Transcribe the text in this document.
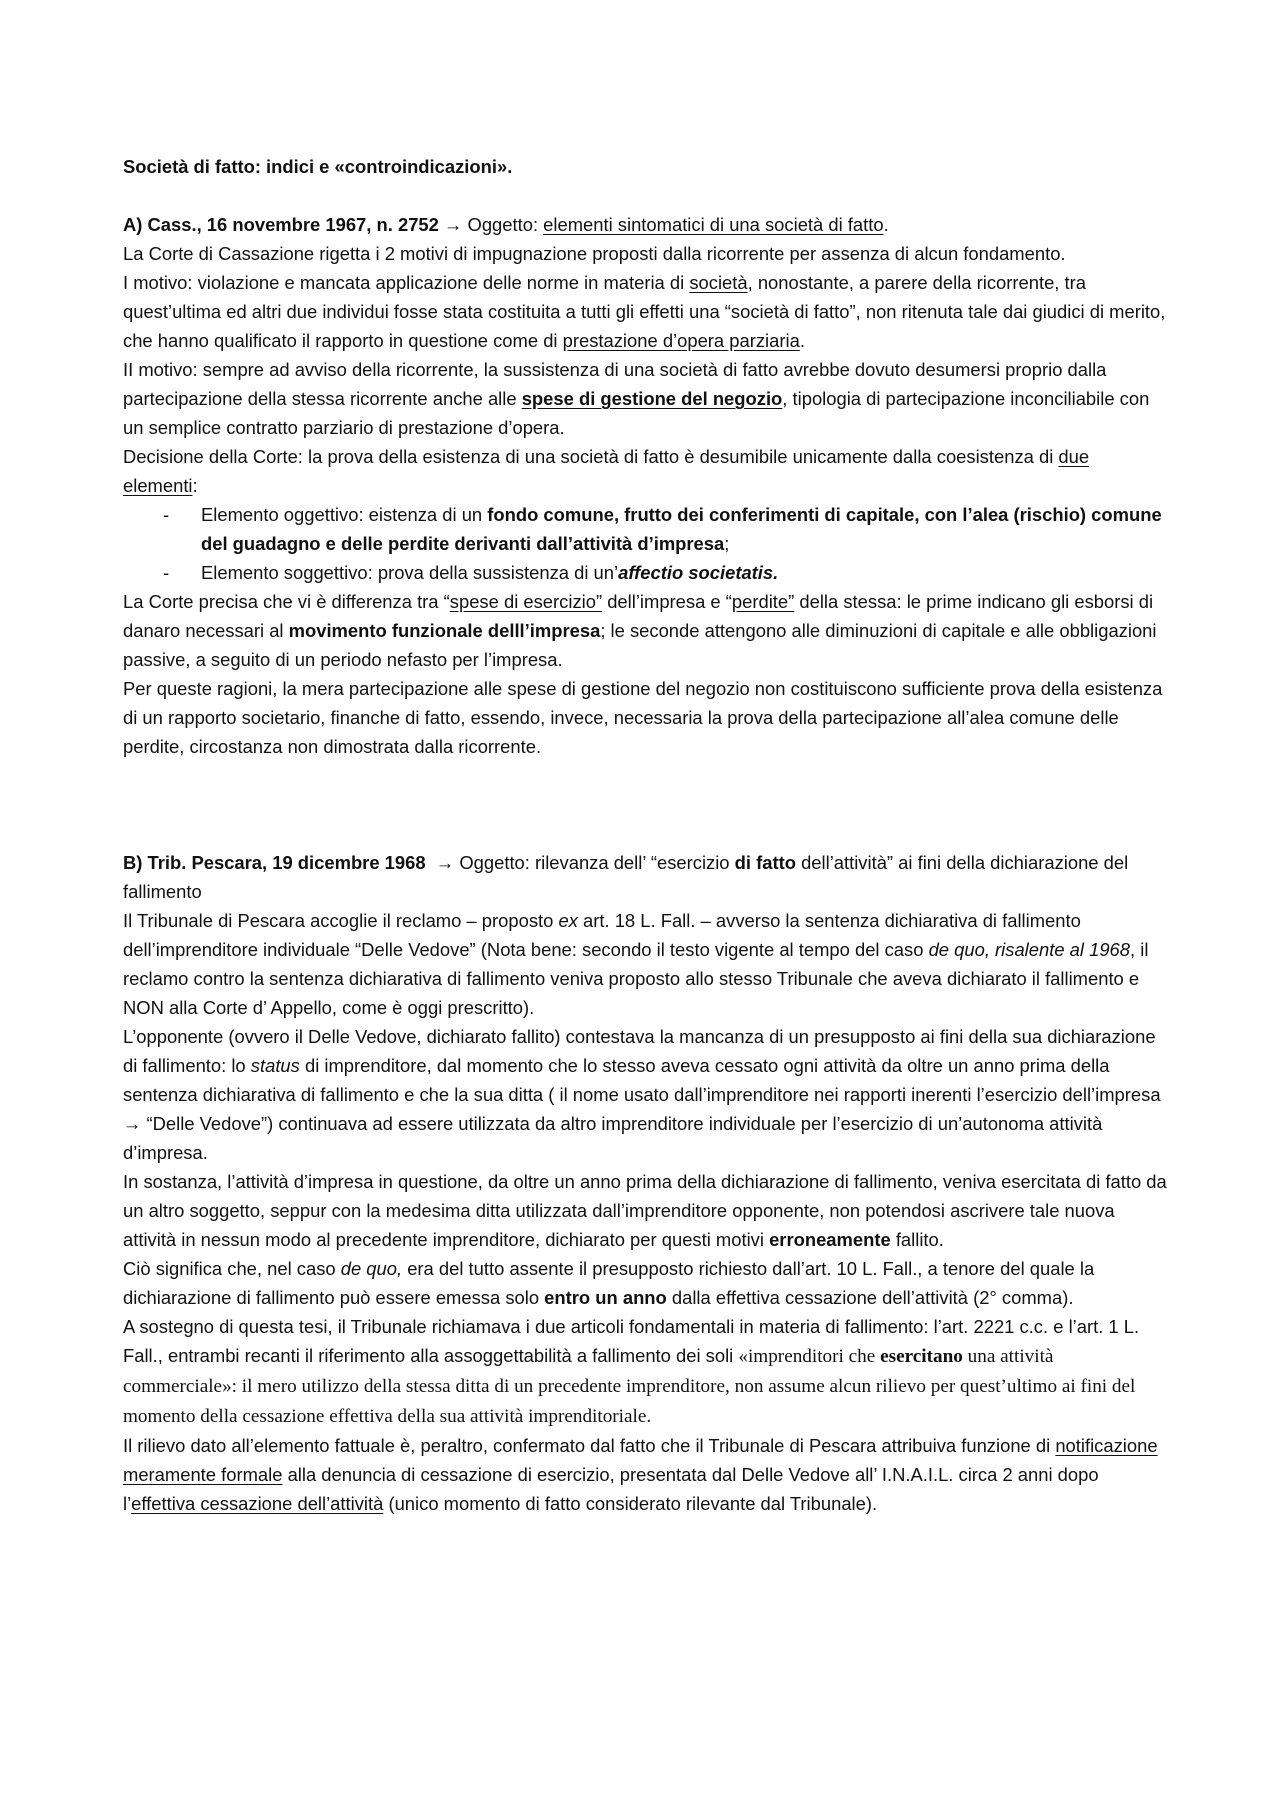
Società di fatto: indici e «controindicazioni».

A) Cass., 16 novembre 1967, n. 2752 → Oggetto: elementi sintomatici di una società di fatto.

La Corte di Cassazione rigetta i 2 motivi di impugnazione proposti dalla ricorrente per assenza di alcun fondamento.

I motivo: violazione e mancata applicazione delle norme in materia di società, nonostante, a parere della ricorrente, tra quest’ultima ed altri due individui fosse stata costituita a tutti gli effetti una “società di fatto”, non ritenuta tale dai giudici di merito, che hanno qualificato il rapporto in questione come di prestazione d’opera parziaria.

II motivo: sempre ad avviso della ricorrente, la sussistenza di una società di fatto avrebbe dovuto desumersi proprio dalla partecipazione della stessa ricorrente anche alle spese di gestione del negozio, tipologia di partecipazione inconciliabile con un semplice contratto parziario di prestazione d’opera.

Decisione della Corte: la prova della esistenza di una società di fatto è desumibile unicamente dalla coesistenza di due elementi:

- Elemento oggettivo: eistenza di un fondo comune, frutto dei conferimenti di capitale, con l’alea (rischio) comune del guadagno e delle perdite derivanti dall’attività d’impresa;
- Elemento soggettivo: prova della sussistenza di un’affectio societatis.

La Corte precisa che vi è differenza tra “spese di esercizio” dell’impresa e “perdite” della stessa: le prime indicano gli esborsi di danaro necessari al movimento funzionale delll’impresa; le seconde attengono alle diminuzioni di capitale e alle obbligazioni passive, a seguito di un periodo nefasto per l’impresa.

Per queste ragioni, la mera partecipazione alle spese di gestione del negozio non costituiscono sufficiente prova della esistenza di un rapporto societario, finanche di fatto, essendo, invece, necessaria la prova della partecipazione all’alea comune delle perdite, circostanza non dimostrata dalla ricorrente.

B) Trib. Pescara, 19 dicembre 1968 → Oggetto: rilevanza dell’ “esercizio di fatto dell’attività” ai fini della dichiarazione del fallimento

Il Tribunale di Pescara accoglie il reclamo – proposto ex art. 18 L. Fall. – avverso la sentenza dichiarativa di fallimento dell’imprenditore individuale “Delle Vedove” (Nota bene: secondo il testo vigente al tempo del caso de quo, risalente al 1968, il reclamo contro la sentenza dichiarativa di fallimento veniva proposto allo stesso Tribunale che aveva dichiarato il fallimento e NON alla Corte d’ Appello, come è oggi prescritto).

L’opponente (ovvero il Delle Vedove, dichiarato fallito) contestava la mancanza di un presupposto ai fini della sua dichiarazione di fallimento: lo status di imprenditore, dal momento che lo stesso aveva cessato ogni attività da oltre un anno prima della sentenza dichiarativa di fallimento e che la sua ditta ( il nome usato dall’imprenditore nei rapporti inerenti l’esercizio dell’impresa → “Delle Vedove”) continuava ad essere utilizzata da altro imprenditore individuale per l’esercizio di un’autonoma attività d’impresa.

In sostanza, l’attività d’impresa in questione, da oltre un anno prima della dichiarazione di fallimento, veniva esercitata di fatto da un altro soggetto, seppur con la medesima ditta utilizzata dall’imprenditore opponente, non potendosi ascrivere tale nuova attività in nessun modo al precedente imprenditore, dichiarato per questi motivi erroneamente fallito.

Ciò significa che, nel caso de quo, era del tutto assente il presupposto richiesto dall’art. 10 L. Fall., a tenore del quale la dichiarazione di fallimento può essere emessa solo entro un anno dalla effettiva cessazione dell’attività (2° comma).

A sostegno di questa tesi, il Tribunale richiamava i due articoli fondamentali in materia di fallimento: l’art. 2221 c.c. e l’art. 1 L. Fall., entrambi recanti il riferimento alla assoggettabilità a fallimento dei soli «imprenditori che esercitano una attività commerciale»: il mero utilizzo della stessa ditta di un precedente imprenditore, non assume alcun rilievo per quest’ultimo ai fini del momento della cessazione effettiva della sua attività imprenditoriale.

Il rilievo dato all’elemento fattuale è, peraltro, confermato dal fatto che il Tribunale di Pescara attribuiva funzione di notificazione meramente formale alla denuncia di cessazione di esercizio, presentata dal Delle Vedove all’ I.N.A.I.L. circa 2 anni dopo l’effettiva cessazione dell’attività (unico momento di fatto considerato rilevante dal Tribunale).
